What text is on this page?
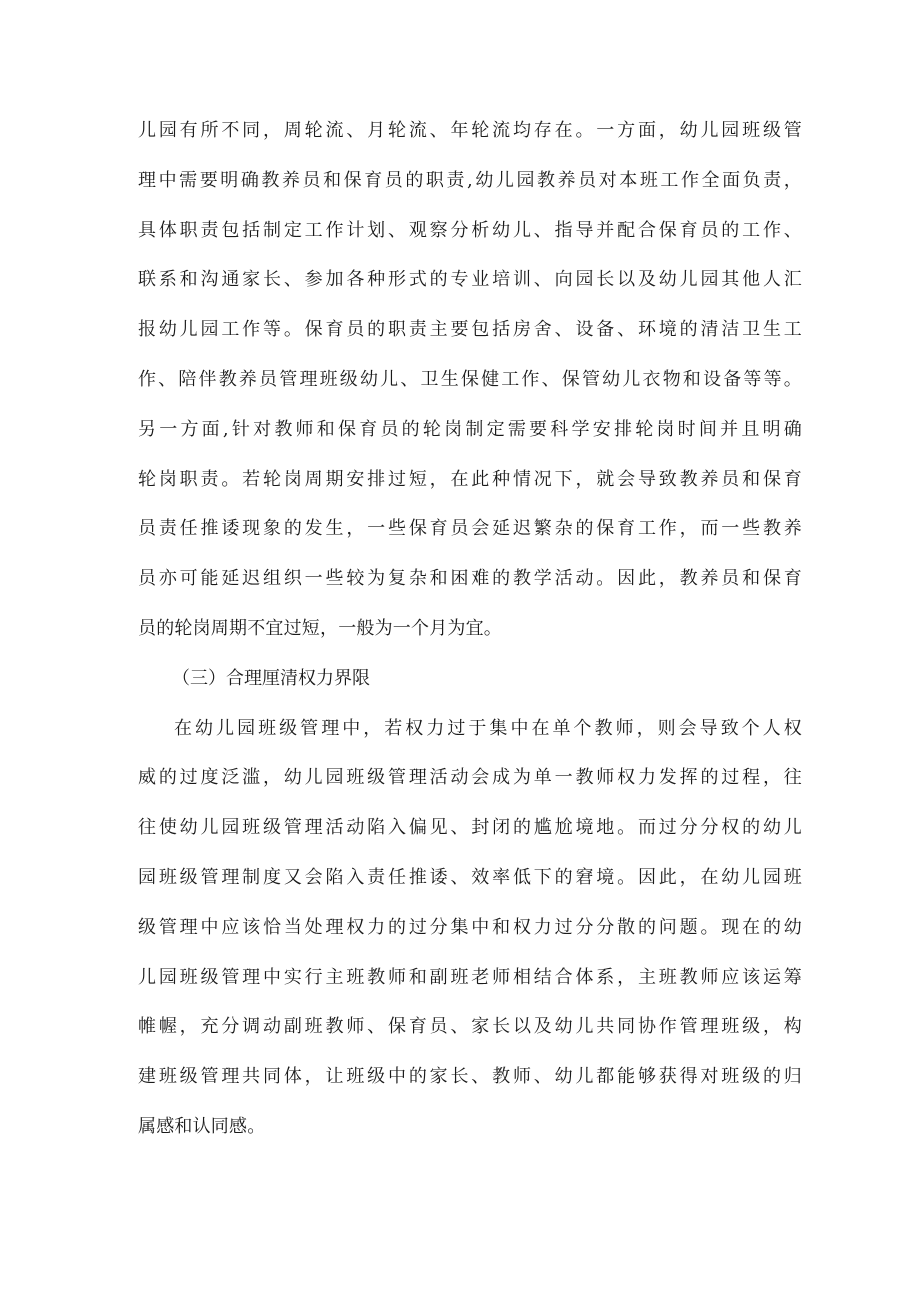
儿园有所不同，周轮流、月轮流、年轮流均存在。一方面，幼儿园班级管
理中需要明确教养员和保育员的职责,幼儿园教养员对本班工作全面负责，
具体职责包括制定工作计划、观察分析幼儿、指导并配合保育员的工作、
联系和沟通家长、参加各种形式的专业培训、向园长以及幼儿园其他人汇
报幼儿园工作等。保育员的职责主要包括房舍、设备、环境的清洁卫生工
作、陪伴教养员管理班级幼儿、卫生保健工作、保管幼儿衣物和设备等等。
另一方面,针对教师和保育员的轮岗制定需要科学安排轮岗时间并且明确
轮岗职责。若轮岗周期安排过短，在此种情况下，就会导致教养员和保育
员责任推诿现象的发生，一些保育员会延迟繁杂的保育工作，而一些教养
员亦可能延迟组织一些较为复杂和困难的教学活动。因此，教养员和保育
员的轮岗周期不宜过短，一般为一个月为宜。
（三）合理厘清权力界限
在幼儿园班级管理中，若权力过于集中在单个教师，则会导致个人权
威的过度泛滥，幼儿园班级管理活动会成为单一教师权力发挥的过程，往
往使幼儿园班级管理活动陷入偏见、封闭的尴尬境地。而过分分权的幼儿
园班级管理制度又会陷入责任推诿、效率低下的窘境。因此，在幼儿园班
级管理中应该恰当处理权力的过分集中和权力过分分散的问题。现在的幼
儿园班级管理中实行主班教师和副班老师相结合体系，主班教师应该运筹
帷幄，充分调动副班教师、保育员、家长以及幼儿共同协作管理班级，构
建班级管理共同体，让班级中的家长、教师、幼儿都能够获得对班级的归
属感和认同感。
